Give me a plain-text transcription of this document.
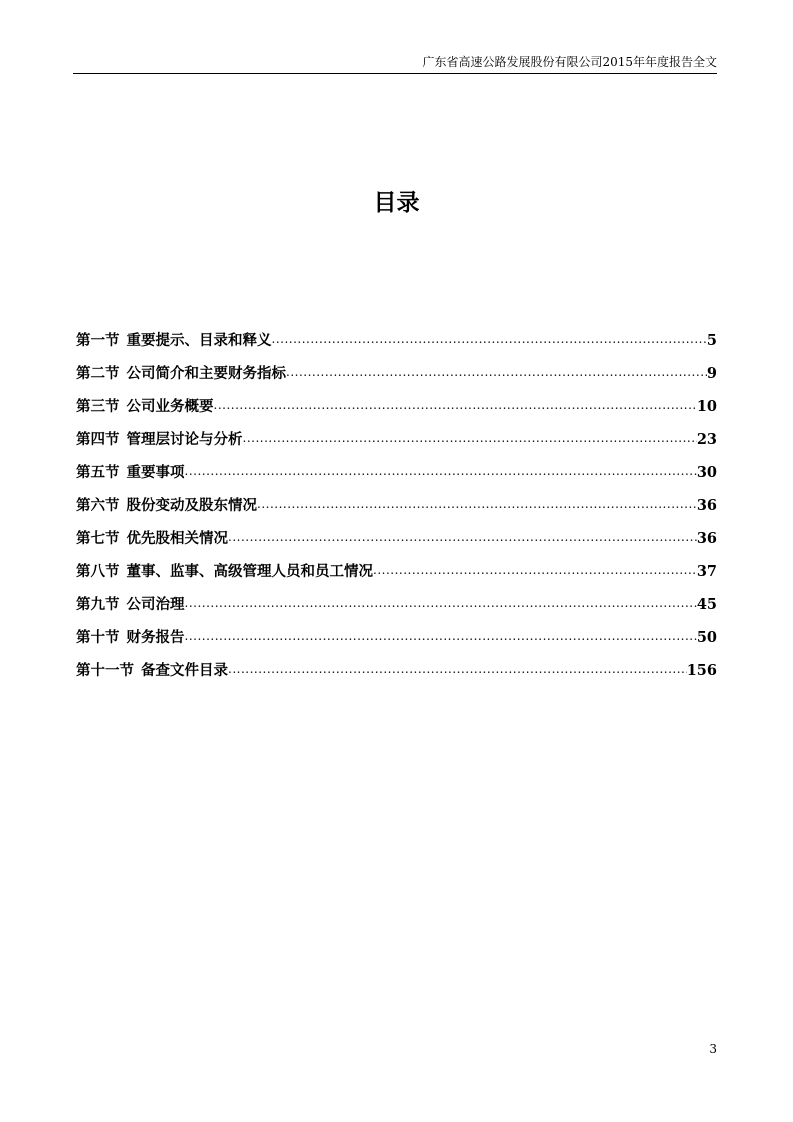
广东省高速公路发展股份有限公司2015年年度报告全文
目录
第一节 重要提示、目录和释义 .....	5
第二节 公司简介和主要财务指标 .....	9
第三节 公司业务概要 .....	10
第四节 管理层讨论与分析 .....	23
第五节 重要事项 .....	30
第六节 股份变动及股东情况 .....	36
第七节 优先股相关情况 .....	36
第八节 董事、监事、高级管理人员和员工情况 .....	37
第九节 公司治理 .....	45
第十节 财务报告 .....	50
第十一节 备查文件目录 .....	156
3
